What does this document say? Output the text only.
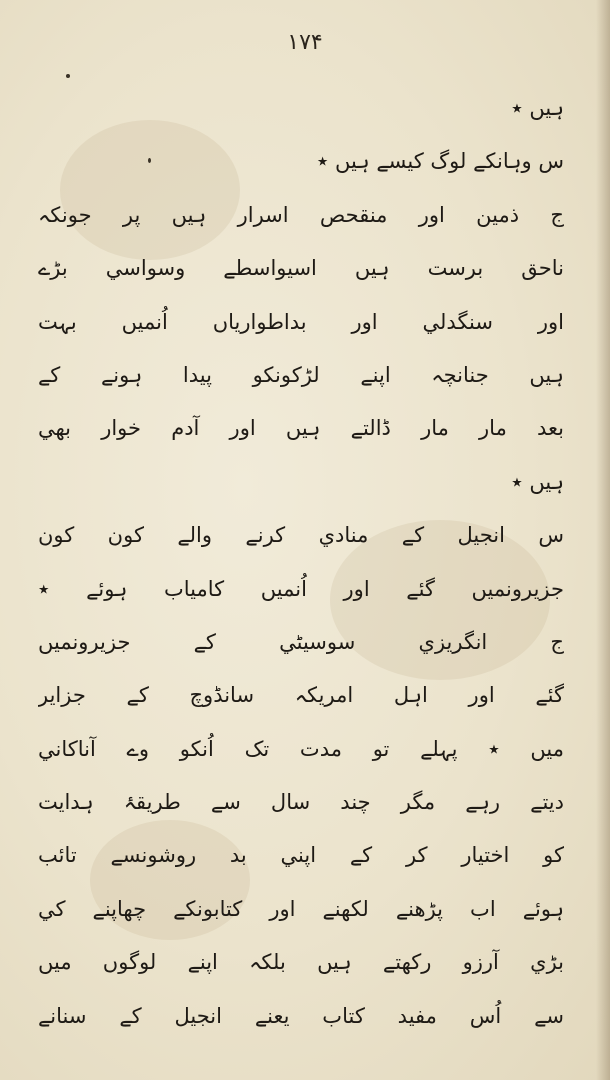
۱۷۴
ہیں ٭
س وہانکے لوگ کیسے ہیں ٭
ج ذمین اور منقحص اسرار ہیں پر جونکہ
ناحق برست ہیں اسیواسطے وسواسي بڑے
اور سنگدلي اور بداطوارياں اُنمیں بہت
ہیں جنانچہ اپنے لڑکونکو پیدا ہونے کے
بعد مار مار ڈالتے ہیں اور آدم خوار بھي
ہیں ٭
س انجیل کے منادي کرنے والے کون کون
جزیرونمیں گئے اور اُنمیں کامیاب ہوئے ٭
ج انگریزي سوسیٹي کے جزیرونمیں
گئے اور اہل امریکہ سانڈوچ کے جزایر
میں ٭ پہلے تو مدت تک اُنکو وے آناکاني
دیتے رہے مگر چند سال سے طریقۂ ہدایت
کو اختیار کر کے اپني بد روشونسے تائب
ہوئے اب پڑھنے لکھنے اور کتابونکے چھاپنے کي
بڑي آرزو رکھتے ہیں بلکہ اپنے لوگوں میں
سے اُس مفید کتاب یعنے انجیل کے سنانے
